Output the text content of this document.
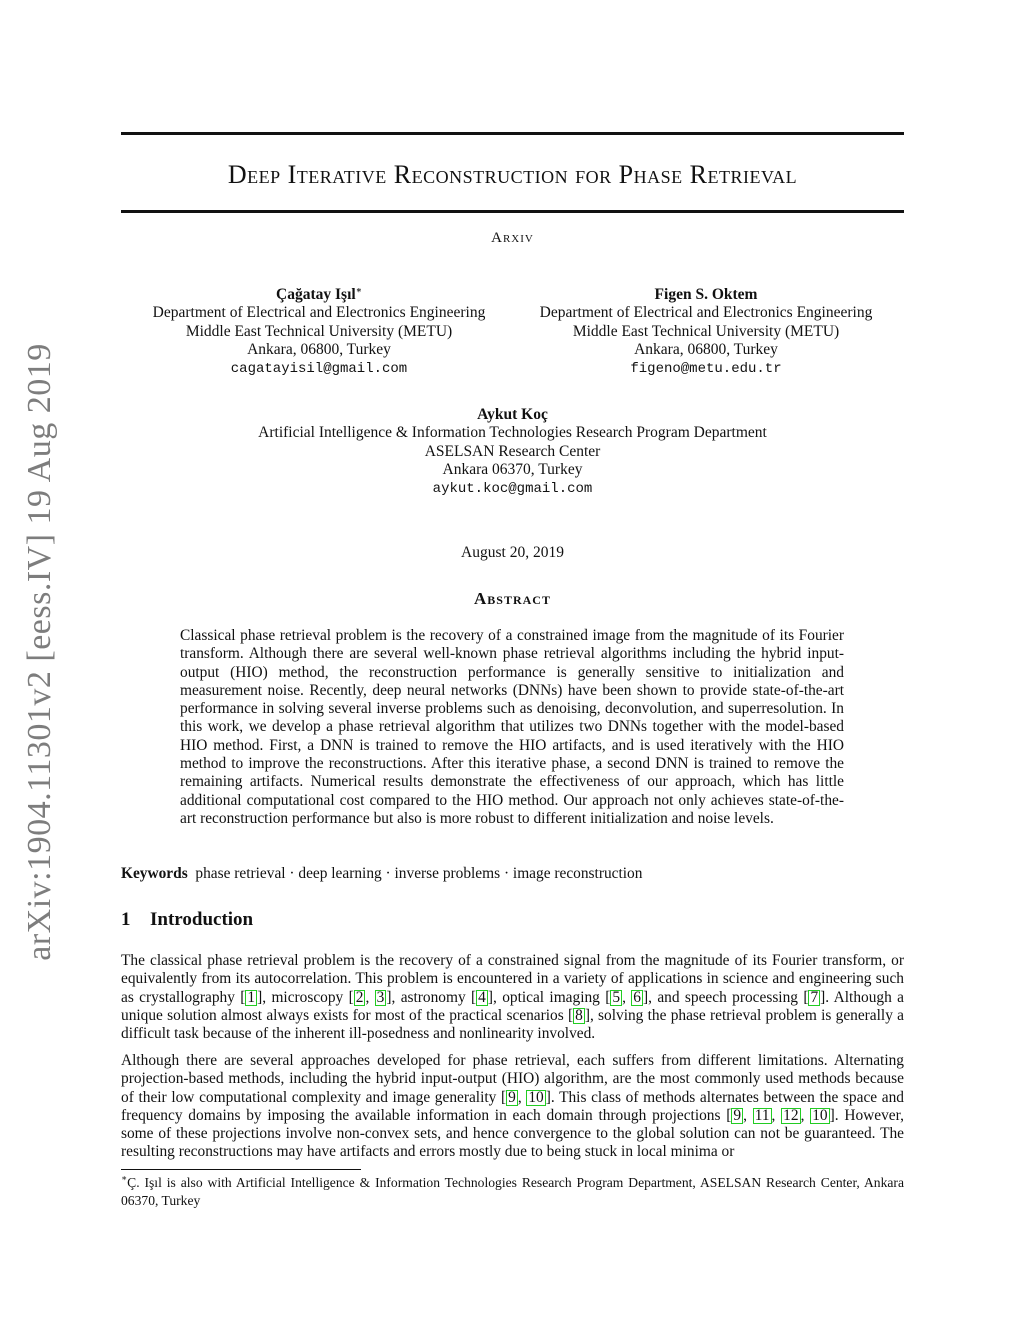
arXiv:1904.11301v2 [eess.IV] 19 Aug 2019
Deep Iterative Reconstruction for Phase Retrieval
Arxiv
Çağatay Işıl∗
Department of Electrical and Electronics Engineering
Middle East Technical University (METU)
Ankara, 06800, Turkey
cagatayisil@gmail.com
Figen S. Oktem
Department of Electrical and Electronics Engineering
Middle East Technical University (METU)
Ankara, 06800, Turkey
figeno@metu.edu.tr
Aykut Koç
Artificial Intelligence & Information Technologies Research Program Department
ASELSAN Research Center
Ankara 06370, Turkey
aykut.koc@gmail.com
August 20, 2019
Abstract

Classical phase retrieval problem is the recovery of a constrained image from the magnitude of its Fourier transform. Although there are several well-known phase retrieval algorithms including the hybrid input-output (HIO) method, the reconstruction performance is generally sensitive to initialization and measurement noise. Recently, deep neural networks (DNNs) have been shown to provide state-of-the-art performance in solving several inverse problems such as denoising, deconvolution, and superresolution. In this work, we develop a phase retrieval algorithm that utilizes two DNNs together with the model-based HIO method. First, a DNN is trained to remove the HIO artifacts, and is used iteratively with the HIO method to improve the reconstructions. After this iterative phase, a second DNN is trained to remove the remaining artifacts. Numerical results demonstrate the effectiveness of our approach, which has little additional computational cost compared to the HIO method. Our approach not only achieves state-of-the-art reconstruction performance but also is more robust to different initialization and noise levels.

Keywords phase retrieval · deep learning · inverse problems · image reconstruction
1 Introduction

The classical phase retrieval problem is the recovery of a constrained signal from the magnitude of its Fourier transform, or equivalently from its autocorrelation. This problem is encountered in a variety of applications in science and engineering such as crystallography [ 1 ], microscopy [ 2 , 3 ], astronomy [ 4 ], optical imaging [ 5 , 6 ], and speech processing [ 7 ]. Although a unique solution almost always exists for most of the practical scenarios [ 8 ], solving the phase retrieval problem is generally a difficult task because of the inherent ill-posedness and nonlinearity involved.

Although there are several approaches developed for phase retrieval, each suffers from different limitations. Alternating projection-based methods, including the hybrid input-output (HIO) algorithm, are the most commonly used methods because of their low computational complexity and image generality [ 9 , 10 ]. This class of methods alternates between the space and frequency domains by imposing the available information in each domain through projections [ 9 , 11 , 12 , 10 ]. However, some of these projections involve non-convex sets, and hence convergence to the global solution can not be guaranteed. The resulting reconstructions may have artifacts and errors mostly due to being stuck in local minima or

∗Ç. Işıl is also with Artificial Intelligence & Information Technologies Research Program Department, ASELSAN Research Center, Ankara 06370, Turkey
